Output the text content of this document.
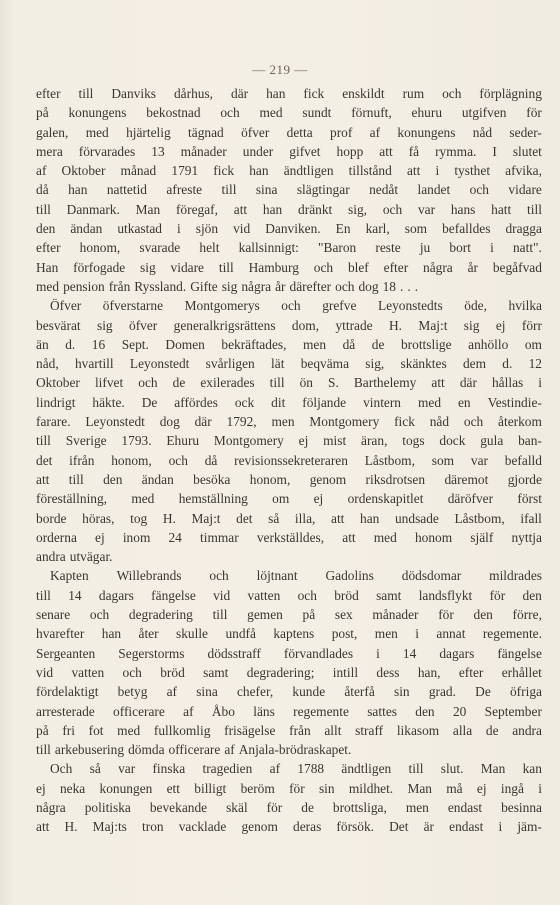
— 219 —
efter till Danviks dårhus, där han fick enskildt rum och förplägning
på konungens bekostnad och med sundt förnuft, ehuru utgifven för
galen, med hjärtelig tägnad öfver detta prof af konungens nåd seder-
mera förvarades 13 månader under gifvet hopp att få rymma. I slutet
af Oktober månad 1791 fick han ändtligen tillstånd att i tysthet afvika,
då han nattetid afreste till sina slägtingar nedåt landet och vidare
till Danmark. Man föregaf, att han dränkt sig, och var hans hatt till
den ändan utkastad i sjön vid Danviken. En karl, som befalldes dragga
efter honom, svarade helt kallsinnigt: "Baron reste ju bort i natt".
Han förfogade sig vidare till Hamburg och blef efter några år begåfvad
med pension från Ryssland. Gifte sig några år därefter och dog 18 . . .
Öfver öfverstarne Montgomerys och grefve Leyonstedts öde, hvilka
besvärat sig öfver generalkrigsrättens dom, yttrade H. Maj:t sig ej förr
än d. 16 Sept. Domen bekräftades, men då de brottslige anhöllo om
nåd, hvartill Leyonstedt svårligen lät beqväma sig, skänktes dem d. 12
Oktober lifvet och de exilerades till ön S. Barthelemy att där hållas i
lindrigt häkte. De affördes ock dit följande vintern med en Vestindie-
farare. Leyonstedt dog där 1792, men Montgomery fick nåd och återkom
till Sverige 1793. Ehuru Montgomery ej mist äran, togs dock gula ban-
det ifrån honom, och då revisionssekreteraren Låstbom, som var befalld
att till den ändan besöka honom, genom riksdrotsen däremot gjorde
föreställning, med hemställning om ej ordenskapitlet däröfver först
borde höras, tog H. Maj:t det så illa, att han undsade Låstbom, ifall
orderna ej inom 24 timmar verkställdes, att med honom själf nyttja
andra utvägar.
Kapten Willebrands och löjtnant Gadolins dödsdomar mildrades
till 14 dagars fängelse vid vatten och bröd samt landsflykt för den
senare och degradering till gemen på sex månader för den förre,
hvarefter han åter skulle undfå kaptens post, men i annat regemente.
Sergeanten Segerstorms dödsstraff förvandlades i 14 dagars fängelse
vid vatten och bröd samt degradering; intill dess han, efter erhållet
fördelaktigt betyg af sina chefer, kunde återfå sin grad. De öfriga
arresterade officerare af Åbo läns regemente sattes den 20 September
på fri fot med fullkomlig frisägelse från allt straff likasom alla de andra
till arkebusering dömda officerare af Anjala-brödraskapet.
Och så var finska tragedien af 1788 ändtligen till slut. Man kan
ej neka konungen ett billigt beröm för sin mildhet. Man må ej ingå i
några politiska bevekande skäl för de brottsliga, men endast besinna
att H. Maj:ts tron vacklade genom deras försök. Det är endast i jäm-
